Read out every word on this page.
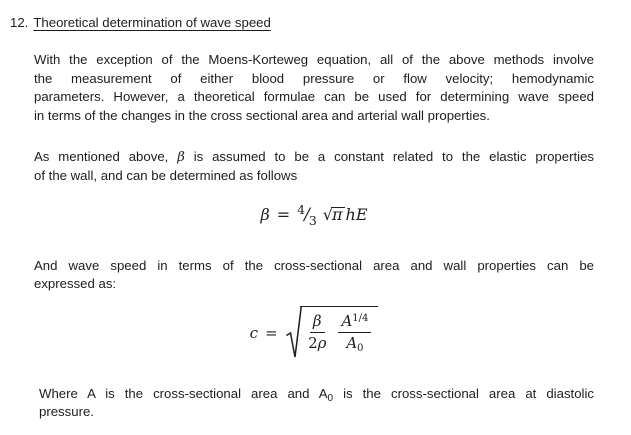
12. Theoretical determination of wave speed
With the exception of the Moens-Korteweg equation, all of the above methods involve
the measurement of either blood pressure or flow velocity; hemodynamic
parameters. However, a theoretical formulae can be used for determining wave speed
in terms of the changes in the cross sectional area and arterial wall properties.
As mentioned above, β is assumed to be a constant related to the elastic properties
of the wall, and can be determined as follows
$\beta = ^4/_3$ √π hE
And wave speed in terms of the cross-sectional area and wall properties can be
expressed as:
$c = \frac{\beta}{2\rho} \frac{A^{1/4}}{A_0}$
Where A is the cross-sectional area and $A_0$ is the cross-sectional area at diastolic
pressure.
